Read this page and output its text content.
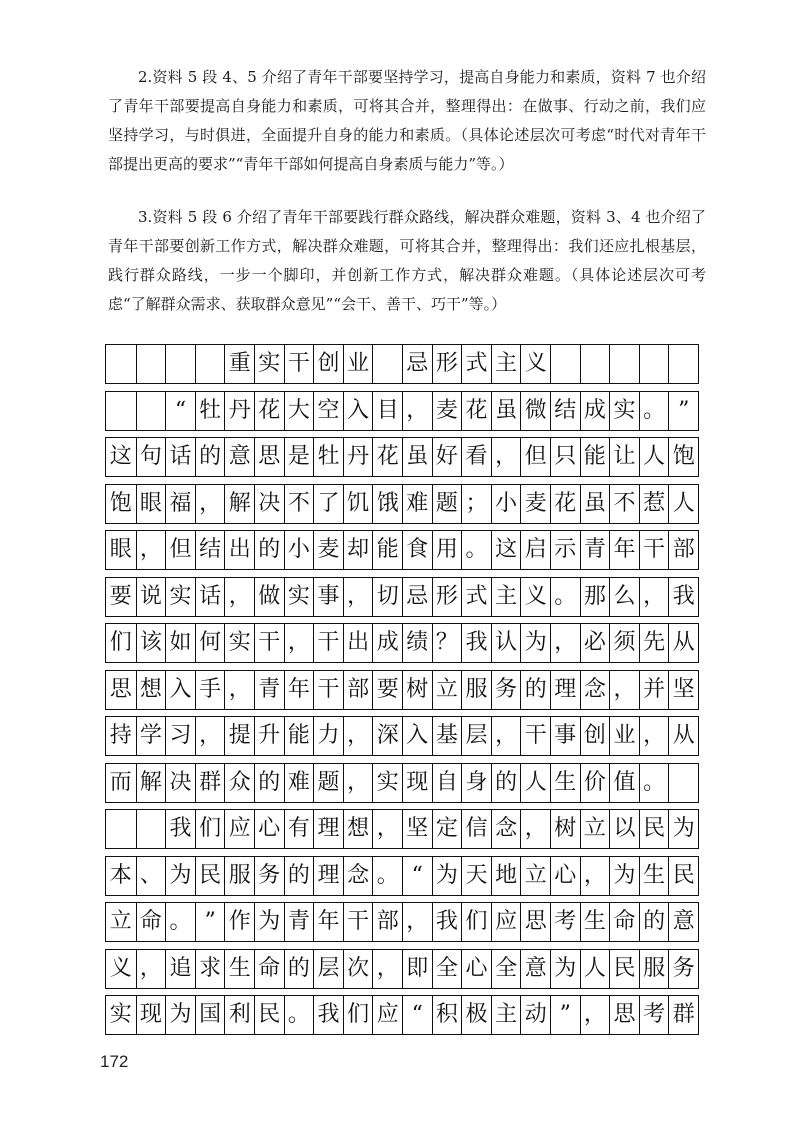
2.资料 5 段 4、5 介绍了青年干部要坚持学习，提高自身能力和素质，资料 7 也介绍了青年干部要提高自身能力和素质，可将其合并，整理得出：在做事、行动之前，我们应坚持学习，与时俱进，全面提升自身的能力和素质。（具体论述层次可考虑“时代对青年干部提出更高的要求”“青年干部如何提高自身素质与能力”等。）

3.资料 5 段 6 介绍了青年干部要践行群众路线，解决群众难题，资料 3、4 也介绍了青年干部要创新工作方式，解决群众难题，可将其合并，整理得出：我们还应扎根基层，践行群众路线，一步一个脚印，并创新工作方式，解决群众难题。（具体论述层次可考虑“了解群众需求、获取群众意见”“会干、善干、巧干”等。）

重 实 干 创 业 忌 形 式 主 义
“ 牡 丹 花 大 空 入 目 ， 麦 花 虽 微 结 成 实 。 ”
这 句 话 的 意 思 是 牡 丹 花 虽 好 看 ， 但 只 能 让 人 饱
饱 眼 福 ， 解 决 不 了 饥 饿 难 题 ； 小 麦 花 虽 不 惹 人
眼 ， 但 结 出 的 小 麦 却 能 食 用 。 这 启 示 青 年 干 部
要 说 实 话 ， 做 实 事 ， 切 忌 形 式 主 义 。 那 么 ， 我
们 该 如 何 实 干 ， 干 出 成 绩 ？ 我 认 为 ， 必 须 先 从
思 想 入 手 ， 青 年 干 部 要 树 立 服 务 的 理 念 ， 并 坚
持 学 习 ， 提 升 能 力 ， 深 入 基 层 ， 干 事 创 业 ， 从
而 解 决 群 众 的 难 题 ， 实 现 自 身 的 人 生 价 值 。
我 们 应 心 有 理 想 ， 坚 定 信 念 ， 树 立 以 民 为
本 、 为 民 服 务 的 理 念 。 “ 为 天 地 立 心 ， 为 生 民
立 命 。 ” 作 为 青 年 干 部 ， 我 们 应 思 考 生 命 的 意
义 ， 追 求 生 命 的 层 次 ， 即 全 心 全 意 为 人 民 服 务
实 现 为 国 利 民 。 我 们 应 “ 积 极 主 动 ” ， 思 考 群
172
